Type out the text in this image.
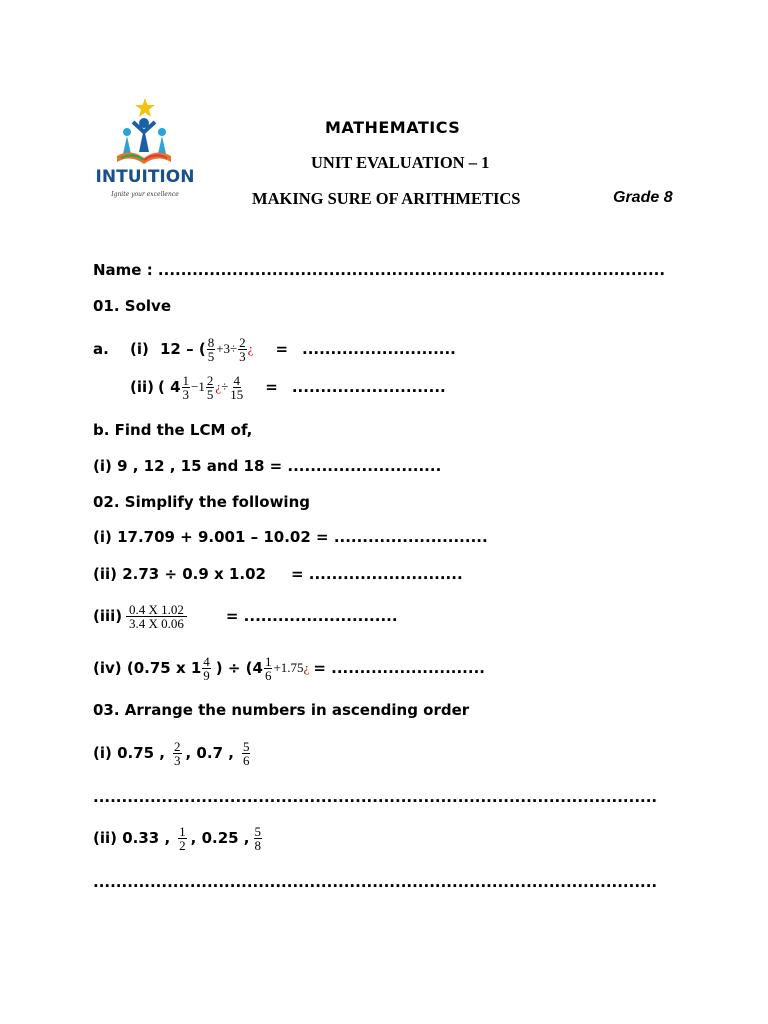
INTUITION
Ignite your excellence
MATHEMATICS
UNIT EVALUATION – 1
MAKING SURE OF ARITHMETICS	Grade 8
Name : .........................................................................................
01. Solve
a.	(i) 12 – ( $\frac{8}{5} +3\div \frac{2}{3}$ ¿ = ...........................
(ii) ( $4 \frac{1}{3} -1 \frac{2}{5}$ ¿ ÷ $\frac{4}{15}$ = ...........................
b. Find the LCM of,
(i) 9 , 12 , 15 and 18 = ...........................
02. Simplify the following
(i) 17.709 + 9.001 – 10.02 = ...........................
(ii) 2.73 ÷ 0.9 x 1.02 = ...........................
$(iii) \frac{0.4 X 1.02}{3.4 X 0.06}$	= ...........................
(iv) (0.75 x $1 \frac{4}{9}$ ) ÷ ($4 \frac{1}{6} +1.75$ ¿ = ...........................
03. Arrange the numbers in ascending order
(i) 0.75 , $\frac{2}{3}$ , 0.7 , $\frac{5}{6}$
...................................................................................................
(ii) 0.33 , $\frac{1}{2}$ , 0.25 , $\frac{5}{8}$
...................................................................................................
